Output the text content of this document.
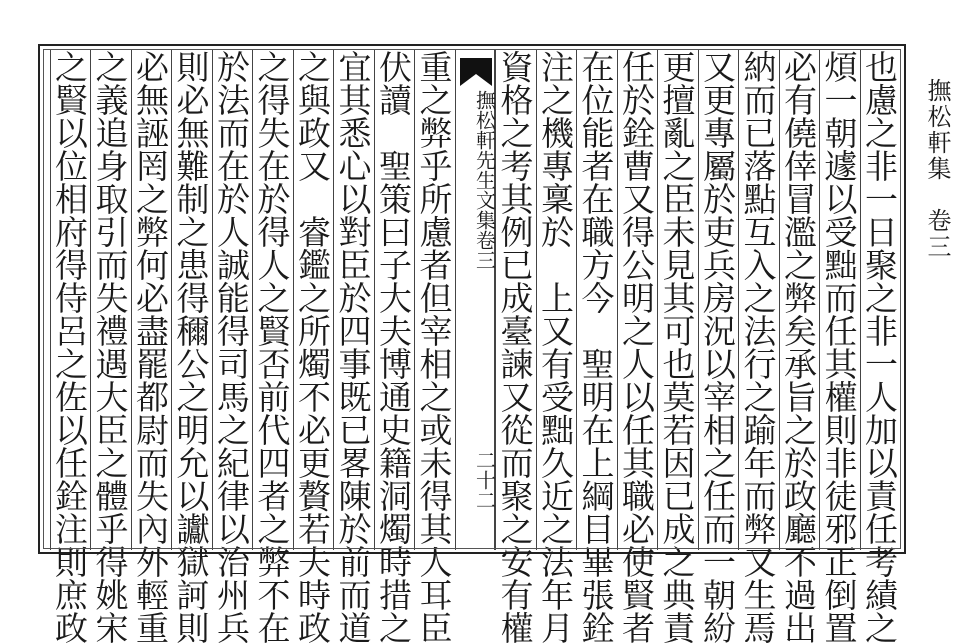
撫松軒集　卷三
也慮之非一日聚之非一人加以責任考績之
煩一朝遽以受黜而任其權則非徒邪正倒置
必有僥倖冒濫之弊矣承旨之於政廳不過出
納而已落點互入之法行之踰年而弊又生焉
又更專屬於吏兵房況以宰相之任而一朝紛
更擅亂之臣未見其可也莫若因已成之典責
任於銓曹又得公明之人以任其職必使賢者
在位能者在職方今　聖明在上綱目畢張銓
注之機專稟於　上又有受黜久近之法年月
撫松軒先生文集卷三
二十二 資格之考其例已成臺諫又從而聚之安有權
重之弊乎所慮者但宰相之或未得其人耳臣
伏讀　聖策曰子大夫博通史籍洞燭時措之
宜其悉心以對臣於四事既已畧陳於前而道
之與政又　睿鑑之所燭不必更贅若夫時政
之得失在於得人之賢否前代四者之弊不在
於法而在於人誠能得司馬之紀律以治州兵
則必無難制之患得穪公之明允以讞獄訶則
必無誣罔之弊何必盡罷都尉而失內外輕重
之義追身取引而失禮遇大臣之體乎得姚宋
之賢以位相府得侍呂之佐以任銓注則庶政
